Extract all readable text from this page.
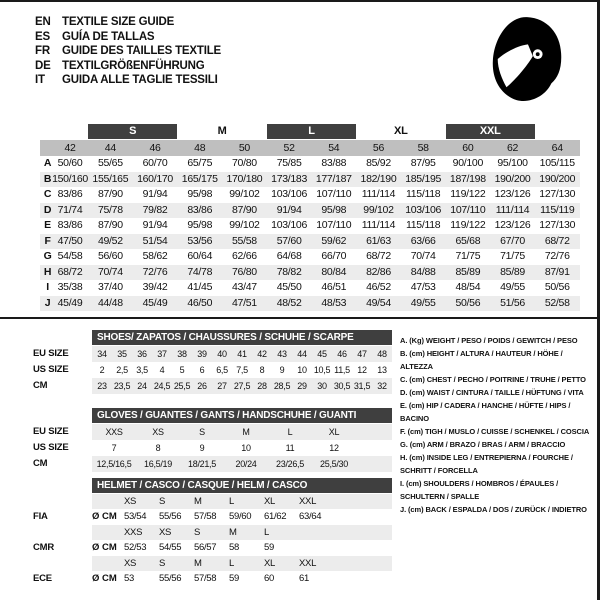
EN TEXTILE SIZE GUIDE
ES	GUÍA DE TALLAS
FR	GUIDE DES TAILLES TEXTILE
DE TEXTILGRÖßENFÜHRUNG
IT	GUIDA ALLE TAGLIE TESSILI
S	M	L	XL	XXL
42	44	46	48	50	52	54	56	58	60	62	64
A 50/60	55/65	60/70	65/75	70/80	75/85	83/88	85/92	87/95	90/100	95/100	105/115
B 150/160 155/165 160/170 165/175 170/180 173/183 177/187 182/190 185/195 187/198 190/200 190/200
C 83/86	87/90	91/94	95/98	99/102	103/106 107/110 111/114	115/118 119/122 123/126 127/130
D 71/74	75/78	79/82	83/86	87/90	91/94	95/98	99/102	103/106 107/110 111/114	115/119
E 83/86	87/90	91/94	95/98	99/102	103/106 107/110 111/114	115/118 119/122 123/126 127/130
F 47/50	49/52	51/54	53/56	55/58	57/60	59/62	61/63	63/66	65/68	67/70	68/72
G 54/58	56/60	58/62	60/64	62/66	64/68	66/70	68/72	70/74	71/75	71/75	72/76
H 68/72	70/74	72/76	74/78	76/80	78/82	80/84	82/86	84/88	85/89	85/89	87/91
I 35/38	37/40	39/42	41/45	43/47	45/50	46/51	46/52	47/53	48/54	49/55	50/56
J 45/49	44/48	45/49	46/50	47/51	48/52	48/53	49/54	49/55	50/56	51/56	52/58
SHOES/ ZAPATOS / CHAUSSURES / SCHUHE / SCARPE
EU SIZE	34	35	36	37	38	39	40	41	42	43	44	45	46	47	48
US SIZE	2	2,5 3,5	4	5	6	6,5 7,5	8	9	10 10,5 11,5 12	13
CM	23 23,5 24 24,5 25,5 26	27 27,5 28 28,5 29	30 30,5 31,5 32
GLOVES / GUANTES / GANTS / HANDSCHUHE / GUANTI
EU SIZE	XXS	XS	S	M	L	XL
US SIZE	7	8	9	10	11	12
CM	12,5/16,5	16,5/19	18/21,5	20/24	23/26,5	25,5/30
HELMET / CASCO / CASQUE / HELM / CASCO
XS	S	M	L	XL	XXL
FIA	Ø CM 53/54	55/56	57/58	59/60	61/62	63/64
XXS	XS	S	M	L
CMR	Ø CM 52/53	54/55	56/57	58	59
XS	S	M	L	XL	XXL
ECE	Ø CM 53	55/56	57/58	59	60	61
A. (Kg) WEIGHT / PESO / POIDS / GEWITCH / PESO
B. (cm) HEIGHT / ALTURA / HAUTEUR / HÖHE / ALTEZZA
C. (cm) CHEST / PECHO / POITRINE / TRUHE / PETTO
D. (cm) WAIST / CINTURA / TAILLE / HÜFTUNG / VITA
E. (cm) HIP / CADERA / HANCHE / HÜFTE / HIPS / BACINO
F. (cm) TIGH / MUSLO / CUISSE / SCHENKEL / COSCIA
G. (cm) ARM / BRAZO / BRAS / ARM / BRACCIO
H. (cm) INSIDE LEG / ENTREPIERNA / FOURCHE / SCHRITT / FORCELLA
I. (cm) SHOULDERS / HOMBROS / ÉPAULES / SCHULTERN / SPALLE
J. (cm) BACK / ESPALDA / DOS / ZURÜCK / INDIETRO
